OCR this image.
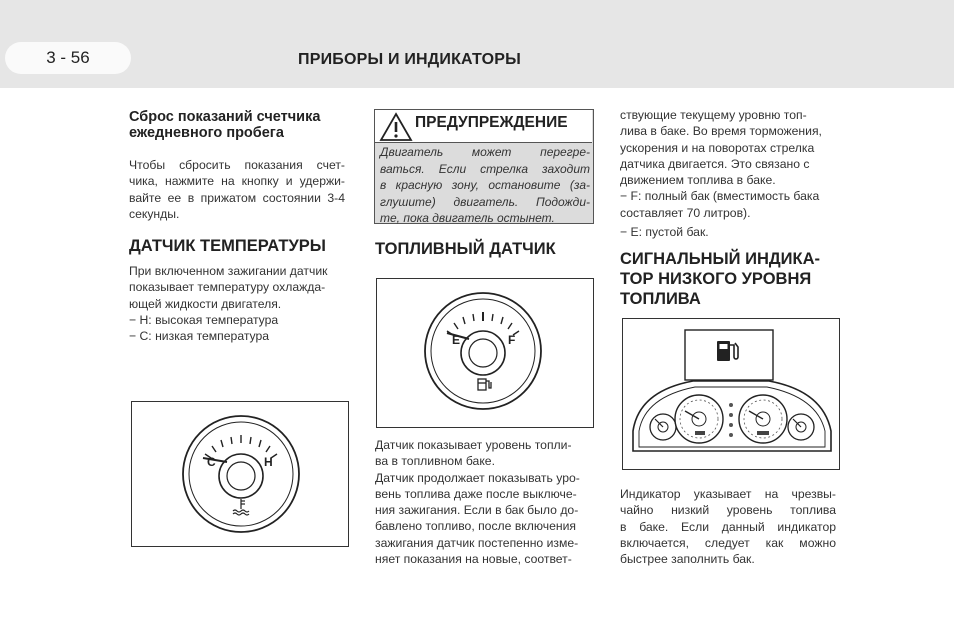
3 - 56	ПРИБОРЫ И ИНДИКАТОРЫ
Сброс показаний счетчика
ежедневного пробега
Чтобы сбросить показания счет-
чика, нажмите на кнопку и удержи-
вайте ее в прижатом состоянии 3-4
секунды.
ДАТЧИК ТЕМПЕРАТУРЫ
При включенном зажигании датчик
показывает температуру охлажда-
ющей жидкости двигателя.
− H: высокая температура
− C: низкая температура
C	H
ПРЕДУПРЕЖДЕНИЕ
Двигатель может перегре-
ваться. Если стрелка заходит
в красную зону, остановите (за-
глушите) двигатель. Подожди-
те, пока двигатель остынет.
ТОПЛИВНЫЙ ДАТЧИК
E	F
Датчик показывает уровень топли-
ва в топливном баке.
Датчик продолжает показывать уро-
вень топлива даже после выключе-
ния зажигания. Если в бак было до-
бавлено топливо, после включения
зажигания датчик постепенно изме-
няет показания на новые, соответ-
ствующие текущему уровню топ-
лива в баке. Во время торможения,
ускорения и на поворотах стрелка
датчика двигается. Это связано с
движением топлива в баке.
− F: полный бак (вместимость бака
составляет 70 литров).
− E: пустой бак.
СИГНАЛЬНЫЙ ИНДИКА-
ТОР НИЗКОГО УРОВНЯ
ТОПЛИВА
Индикатор указывает на чрезвы-
чайно низкий уровень топлива
в баке. Если данный индикатор
включается, следует как можно
быстрее заполнить бак.
